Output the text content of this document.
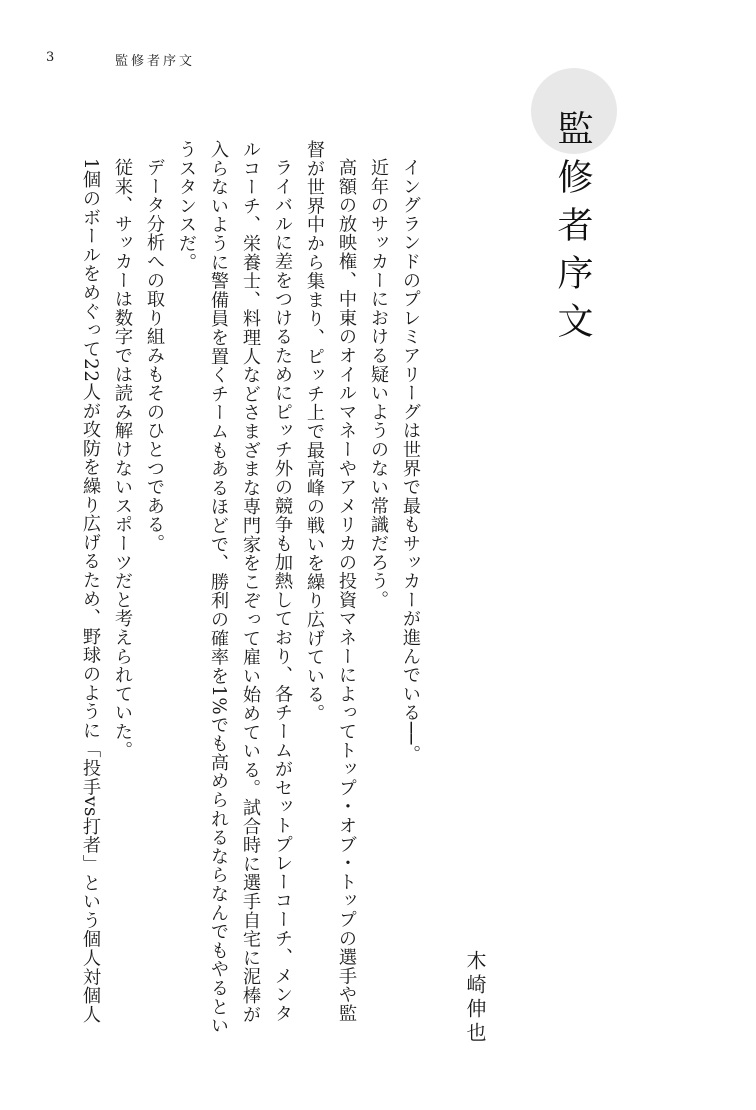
3	監修者序文
監修者序文
木崎伸也

イングランドのプレミアリーグは世界で最もサッカーが進んでいる──。

近年のサッカーにおける疑いようのない常識だろう。

高額の放映権、中東のオイルマネーやアメリカの投資マネーによってトップ・オブ・トップの選手や監督が世界中から集まり、ピッチ上で最高峰の戦いを繰り広げている。

ライバルに差をつけるためにピッチ外の競争も加熱しており、各チームがセットプレーコーチ、メンタルコーチ、栄養士、料理人などさまざまな専門家をこぞって雇い始めている。試合時に選手自宅に泥棒が入らないように警備員を置くチームもあるほどで、勝利の確率を1%でも高められるならなんでもやるというスタンスだ。

データ分析への取り組みもそのひとつである。

従来、サッカーは数字では読み解けないスポーツだと考えられていた。

1個のボールをめぐって22人が攻防を繰り広げるため、野球のように「投手vs打者」という個人対個人
